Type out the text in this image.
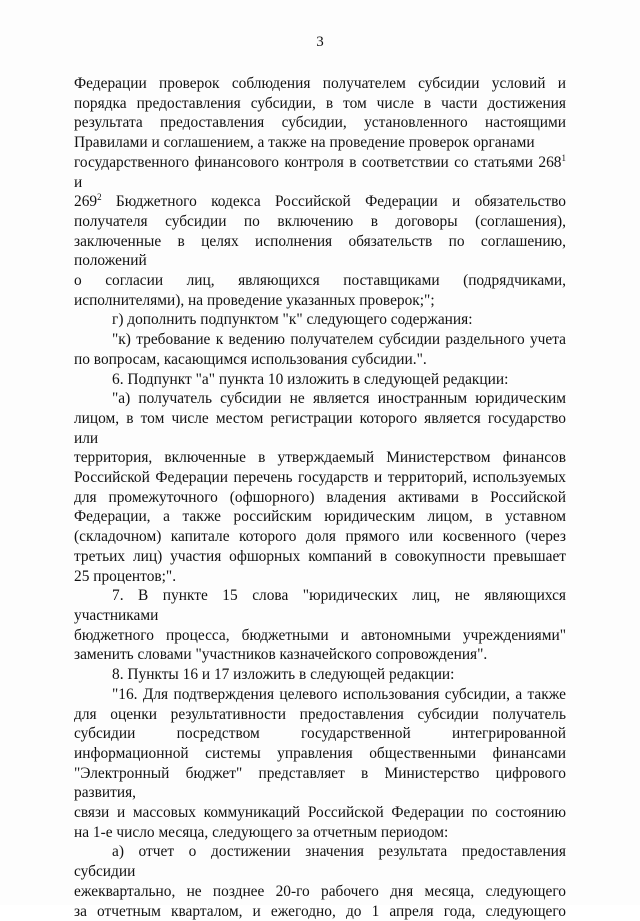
3
Федерации проверок соблюдения получателем субсидии условий и
порядка предоставления субсидии, в том числе в части достижения
результата предоставления субсидии, установленного настоящими
Правилами и соглашением, а также на проведение проверок органами
государственного финансового контроля в соответствии со статьями $268^1$ и
$269^2$ Бюджетного кодекса Российской Федерации и обязательство
получателя субсидии по включению в договоры (соглашения),
заключенные в целях исполнения обязательств по соглашению, положений
о согласии лиц, являющихся поставщиками (подрядчиками,
исполнителями), на проведение указанных проверок;";
г) дополнить подпунктом "к" следующего содержания:
"к) требование к ведению получателем субсидии раздельного учета
по вопросам, касающимся использования субсидии.".
6. Подпункт "а" пункта 10 изложить в следующей редакции:
"а) получатель субсидии не является иностранным юридическим
лицом, в том числе местом регистрации которого является государство или
территория, включенные в утверждаемый Министерством финансов
Российской Федерации перечень государств и территорий, используемых
для промежуточного (офшорного) владения активами в Российской
Федерации, а также российским юридическим лицом, в уставном
(складочном) капитале которого доля прямого или косвенного (через
третьих лиц) участия офшорных компаний в совокупности превышает
25 процентов;".
7. В пункте 15 слова "юридических лиц, не являющихся участниками
бюджетного процесса, бюджетными и автономными учреждениями"
заменить словами "участников казначейского сопровождения".
8. Пункты 16 и 17 изложить в следующей редакции:
"16. Для подтверждения целевого использования субсидии, а также
для оценки результативности предоставления субсидии получатель
субсидии посредством государственной интегрированной
информационной системы управления общественными финансами
"Электронный бюджет" представляет в Министерство цифрового развития,
связи и массовых коммуникаций Российской Федерации по состоянию
на 1-е число месяца, следующего за отчетным периодом:
а) отчет о достижении значения результата предоставления субсидии
ежеквартально, не позднее 20-го рабочего дня месяца, следующего
за отчетным кварталом, и ежегодно, до 1 апреля года, следующего
